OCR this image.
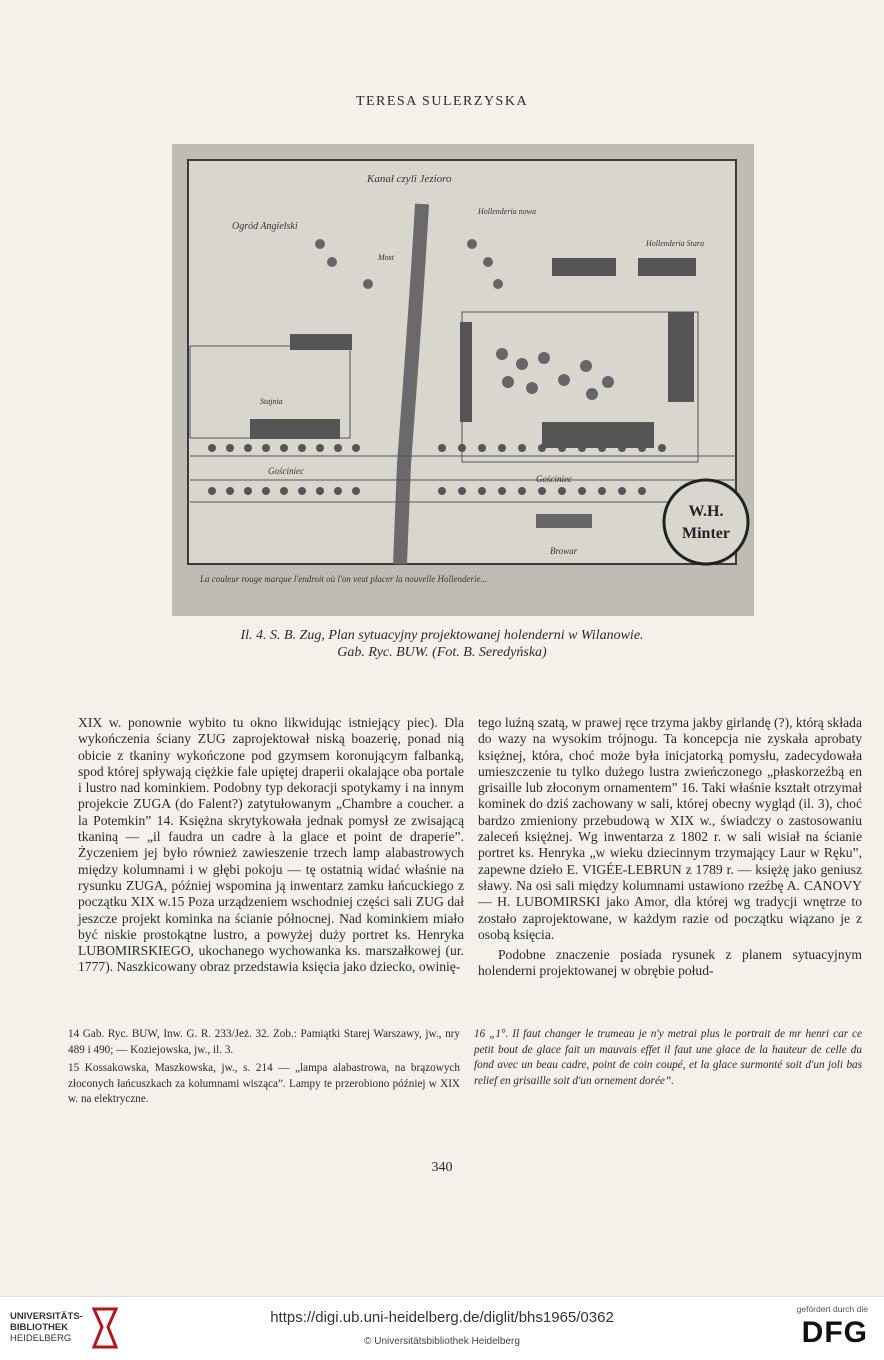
TERESA SULERZYSKA
Kanał czyli Jezioro
Ogród Angielski
Hollenderia Stara
Gościniec
Gościniec
Browar
Stajnia
La couleur rouge marque l'endroit où l'on veut placer la nouvelle Hollenderie...
W.H.
Minter
Hollenderia nowa
Most
Il. 4. S. B. Zug, Plan sytuacyjny projektowanej holenderni w Wilanowie.
Gab. Ryc. BUW. (Fot. B. Seredyńska)

XIX w. ponownie wybito tu okno likwidując istniejący piec). Dla wykończenia ściany ZUG zaprojektował niską boazerię, ponad nią obicie z tkaniny wykończone pod gzymsem koronującym falbanką, spod której spływają ciężkie fale upiętej draperii okalające oba portale i lustro nad kominkiem. Podobny typ dekoracji spotykamy i na innym projekcie ZUGA (do Falent?) zatytułowanym „Chambre a coucher. a la Potemkin” 14. Księżna skrytykowała jednak pomysł ze zwisającą tkaniną — „il faudra un cadre à la glace et point de draperie”. Życzeniem jej było również zawieszenie trzech lamp alabastrowych między kolumnami i w głębi pokoju — tę ostatnią widać właśnie na rysunku ZUGA, później wspomina ją inwentarz zamku łańcuckiego z początku XIX w.15 Poza urządzeniem wschodniej części sali ZUG dał jeszcze projekt kominka na ścianie północnej. Nad kominkiem miało być niskie prostokątne lustro, a powyżej duży portret ks. Henryka LUBOMIRSKIEGO, ukochanego wychowanka ks. marszałkowej (ur. 1777). Naszkicowany obraz przedstawia księcia jako dziecko, owinię-

tego luźną szatą, w prawej ręce trzyma jakby girlandę (?), którą składa do wazy na wysokim trójnogu. Ta koncepcja nie zyskała aprobaty księżnej, która, choć może była inicjatorką pomysłu, zadecydowała umieszczenie tu tylko dużego lustra zwieńczonego „płaskorzeźbą en grisaille lub złoconym ornamentem” 16. Taki właśnie kształt otrzymał kominek do dziś zachowany w sali, której obecny wygląd (il. 3), choć bardzo zmieniony przebudową w XIX w., świadczy o zastosowaniu zaleceń księżnej. Wg inwentarza z 1802 r. w sali wisiał na ścianie portret ks. Henryka „w wieku dziecinnym trzymający Laur w Ręku”, zapewne dzieło E. VIGÉE-LEBRUN z 1789 r. — księżę jako geniusz sławy. Na osi sali między kolumnami ustawiono rzeźbę A. CANOVY — H. LUBOMIRSKI jako Amor, dla której wg tradycji wnętrze to zostało zaprojektowane, w każdym razie od początku wiązano je z osobą księcia.

Podobne znaczenie posiada rysunek z planem sytuacyjnym holenderni projektowanej w obrębie połud-

14 Gab. Ryc. BUW, Inw. G. R. 233/Jeż. 32. Zob.: Pamiątki Starej Warszawy, jw., nry 489 i 490; — Koziejowska, jw., il. 3.

15 Kossakowska, Maszkowska, jw., s. 214 — „lampa alabastrowa, na brązowych złoconych łańcuszkach za kolumnami wisząca”. Lampy te przerobiono później w XIX w. na elektryczne.

16 „1°. Il faut changer le trumeau je n'y metrai plus le portrait de mr henri car ce petit bout de glace fait un mauvais effet il faut une glace de la hauteur de celle du fond avec un beau cadre, point de coin coupé, et la glace surmonté soit d'un joli bas relief en grisaille soit d'un ornement dorée”.

340
UNIVERSITÄTS-
BIBLIOTHEK
HEIDELBERG
https://digi.ub.uni-heidelberg.de/diglit/bhs1965/0362
© Universitätsbibliothek Heidelberg
gefördert durch die
DFG
